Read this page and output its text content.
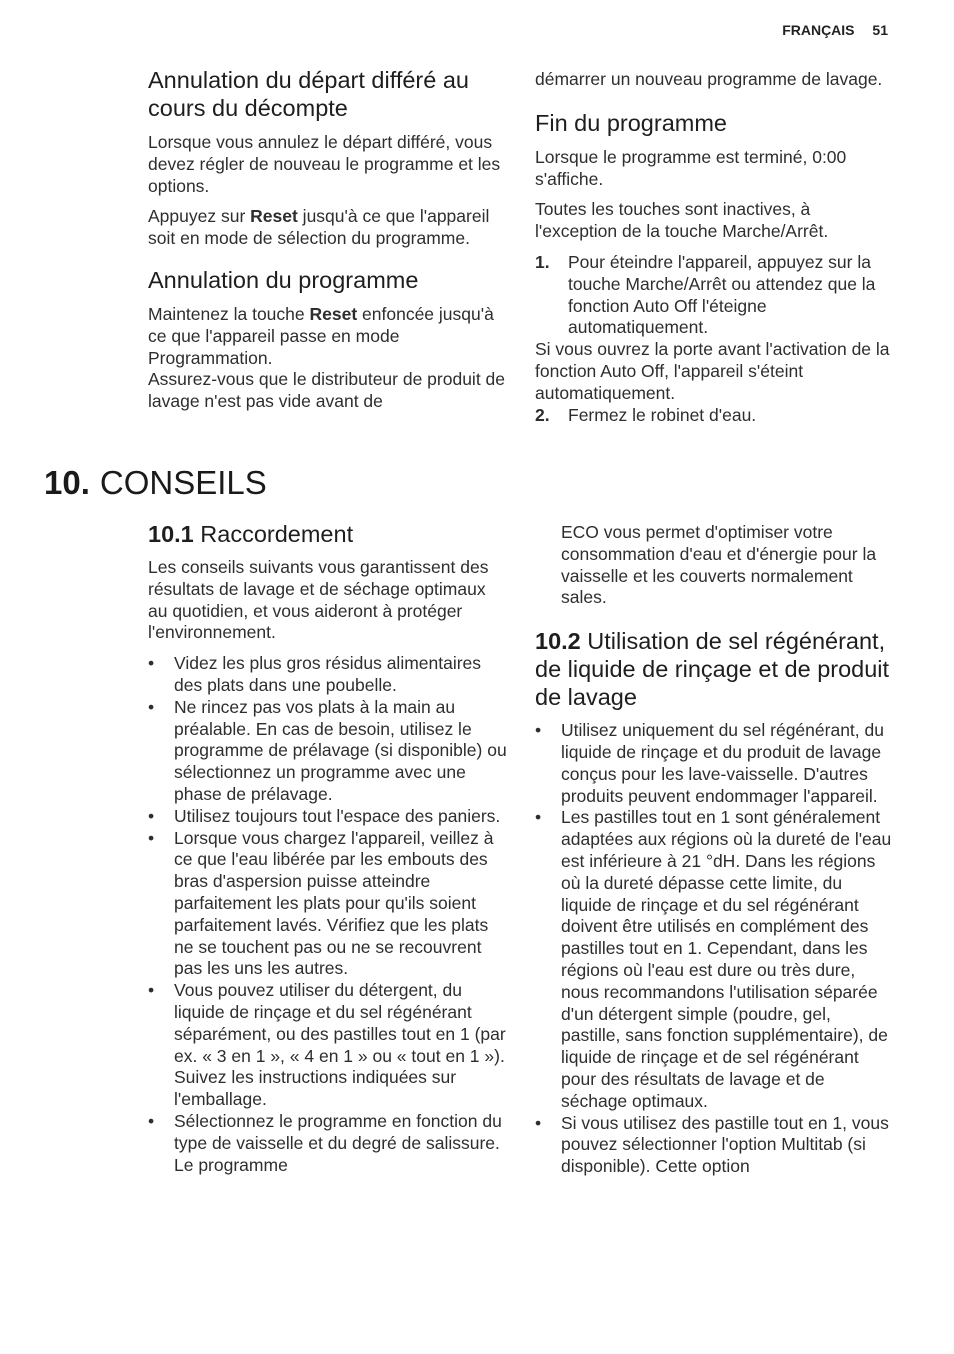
FRANÇAIS 51
Annulation du départ différé au cours du décompte

Lorsque vous annulez le départ différé, vous devez régler de nouveau le programme et les options.

Appuyez sur Reset jusqu'à ce que l'appareil soit en mode de sélection du programme.

Annulation du programme

Maintenez la touche Reset enfoncée jusqu'à ce que l'appareil passe en mode Programmation.

Assurez-vous que le distributeur de produit de lavage n'est pas vide avant de

démarrer un nouveau programme de lavage.

Fin du programme

Lorsque le programme est terminé, 0:00 s'affiche.

Toutes les touches sont inactives, à l'exception de la touche Marche/Arrêt.

1. Pour éteindre l'appareil, appuyez sur la touche Marche/Arrêt ou attendez que la fonction Auto Off l'éteigne automatiquement.

Si vous ouvrez la porte avant l'activation de la fonction Auto Off, l'appareil s'éteint automatiquement.

2. Fermez le robinet d'eau.
10. CONSEILS
10.1 Raccordement

Les conseils suivants vous garantissent des résultats de lavage et de séchage optimaux au quotidien, et vous aideront à protéger l'environnement.

• Videz les plus gros résidus alimentaires des plats dans une poubelle.
• Ne rincez pas vos plats à la main au préalable. En cas de besoin, utilisez le programme de prélavage (si disponible) ou sélectionnez un programme avec une phase de prélavage.
• Utilisez toujours tout l'espace des paniers.
• Lorsque vous chargez l'appareil, veillez à ce que l'eau libérée par les embouts des bras d'aspersion puisse atteindre parfaitement les plats pour qu'ils soient parfaitement lavés. Vérifiez que les plats ne se touchent pas ou ne se recouvrent pas les uns les autres.
• Vous pouvez utiliser du détergent, du liquide de rinçage et du sel régénérant séparément, ou des pastilles tout en 1 (par ex. « 3 en 1 », « 4 en 1 » ou « tout en 1 »). Suivez les instructions indiquées sur l'emballage.
• Sélectionnez le programme en fonction du type de vaisselle et du degré de salissure. Le programme

ECO vous permet d'optimiser votre consommation d'eau et d'énergie pour la vaisselle et les couverts normalement sales.

10.2 Utilisation de sel régénérant, de liquide de rinçage et de produit de lavage
• Utilisez uniquement du sel régénérant, du liquide de rinçage et du produit de lavage conçus pour les lave-vaisselle. D'autres produits peuvent endommager l'appareil.
• Les pastilles tout en 1 sont généralement adaptées aux régions où la dureté de l'eau est inférieure à 21 °dH. Dans les régions où la dureté dépasse cette limite, du liquide de rinçage et du sel régénérant doivent être utilisés en complément des pastilles tout en 1. Cependant, dans les régions où l'eau est dure ou très dure, nous recommandons l'utilisation séparée d'un détergent simple (poudre, gel, pastille, sans fonction supplémentaire), de liquide de rinçage et de sel régénérant pour des résultats de lavage et de séchage optimaux.
• Si vous utilisez des pastille tout en 1, vous pouvez sélectionner l'option Multitab (si disponible). Cette option
